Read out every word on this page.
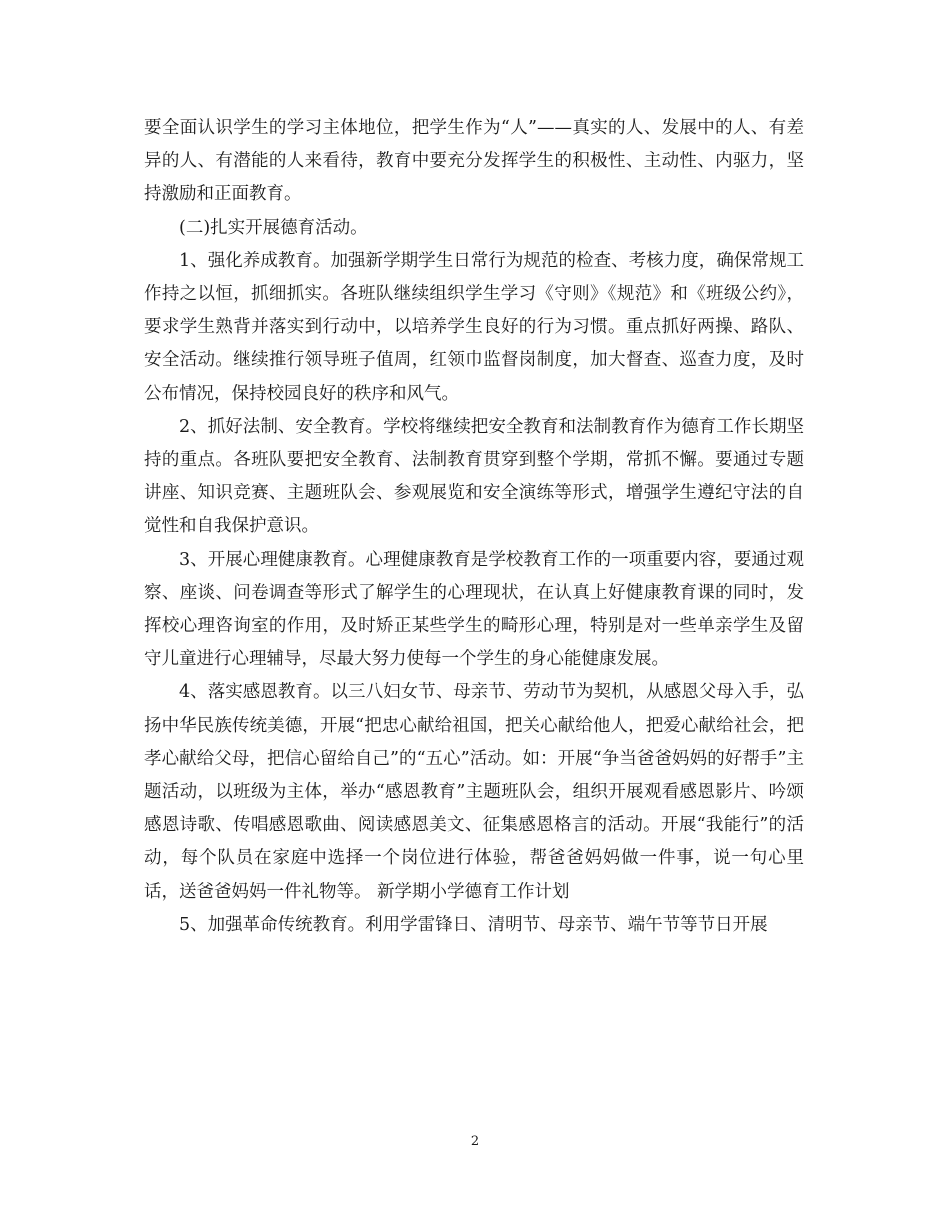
要全面认识学生的学习主体地位，把学生作为“人”——真实的人、发展中的人、有差异的人、有潜能的人来看待，教育中要充分发挥学生的积极性、主动性、内驱力，坚持激励和正面教育。

(二)扎实开展德育活动。

1、强化养成教育。加强新学期学生日常行为规范的检查、考核力度，确保常规工作持之以恒，抓细抓实。各班队继续组织学生学习《守则》《规范》和《班级公约》，要求学生熟背并落实到行动中，以培养学生良好的行为习惯。重点抓好两操、路队、安全活动。继续推行领导班子值周，红领巾监督岗制度，加大督查、巡查力度，及时公布情况，保持校园良好的秩序和风气。

2、抓好法制、安全教育。学校将继续把安全教育和法制教育作为德育工作长期坚持的重点。各班队要把安全教育、法制教育贯穿到整个学期，常抓不懈。要通过专题讲座、知识竞赛、主题班队会、参观展览和安全演练等形式，增强学生遵纪守法的自觉性和自我保护意识。

3、开展心理健康教育。心理健康教育是学校教育工作的一项重要内容，要通过观察、座谈、问卷调查等形式了解学生的心理现状，在认真上好健康教育课的同时，发挥校心理咨询室的作用，及时矫正某些学生的畸形心理，特别是对一些单亲学生及留守儿童进行心理辅导，尽最大努力使每一个学生的身心能健康发展。

4、落实感恩教育。以三八妇女节、母亲节、劳动节为契机，从感恩父母入手，弘扬中华民族传统美德，开展“把忠心献给祖国，把关心献给他人，把爱心献给社会，把孝心献给父母，把信心留给自己”的“五心”活动。如：开展“争当爸爸妈妈的好帮手”主题活动，以班级为主体，举办“感恩教育”主题班队会，组织开展观看感恩影片、吟颂感恩诗歌、传唱感恩歌曲、阅读感恩美文、征集感恩格言的活动。开展“我能行”的活动，每个队员在家庭中选择一个岗位进行体验，帮爸爸妈妈做一件事，说一句心里话，送爸爸妈妈一件礼物等。 新学期小学德育工作计划

5、加强革命传统教育。利用学雷锋日、清明节、母亲节、端午节等节日开展

2
